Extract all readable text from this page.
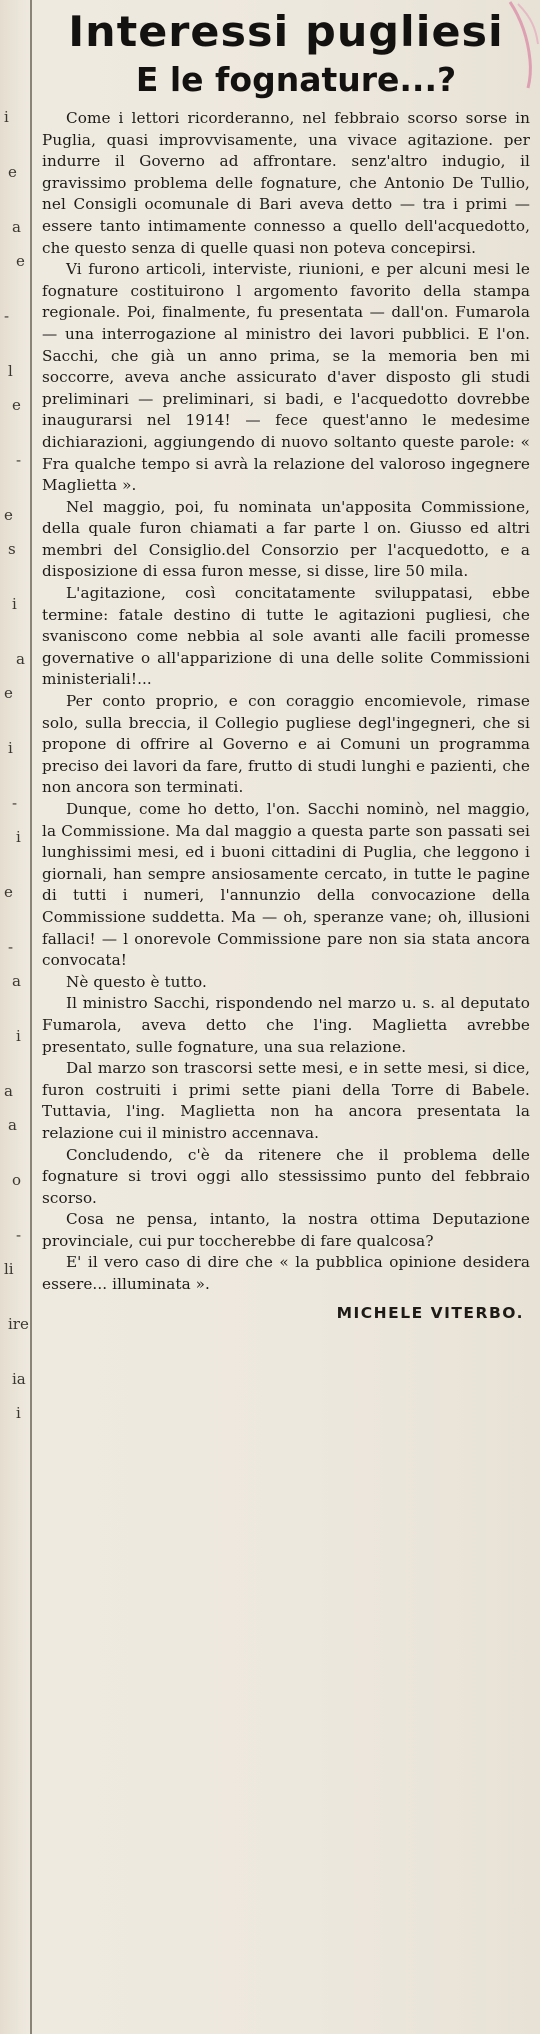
i
e
a
e
-
l
e
-
e
s
i
a
e
i
-
i
e
-
a
i
a
a
o
-
li
ire
ia
i
Interessi pugliesi
E le fognature...?

Come i lettori ricorderanno, nel febbraio scorso sorse in Puglia, quasi improvvisamente, una vivace agitazione. per indurre il Governo ad affrontare. senz'altro indugio, il gravissimo problema delle fognature, che Antonio De Tullio, nel Consigli ocomunale di Bari aveva detto — tra i primi — essere tanto intimamente connesso a quello dell'acquedotto, che questo senza di quelle quasi non poteva concepirsi.

Vi furono articoli, interviste, riunioni, e per alcuni mesi le fognature costituirono l argomento favorito della stampa regionale. Poi, finalmente, fu presentata — dall'on. Fumarola — una interrogazione al ministro dei lavori pubblici. E l'on. Sacchi, che già un anno prima, se la memoria ben mi soccorre, aveva anche assicurato d'aver disposto gli studi preliminari — preliminari, si badi, e l'acquedotto dovrebbe inaugurarsi nel 1914! — fece quest'anno le medesime dichiarazioni, aggiungendo di nuovo soltanto queste parole: « Fra qualche tempo si avrà la relazione del valoroso ingegnere Maglietta ».

Nel maggio, poi, fu nominata un'apposita Commissione, della quale furon chiamati a far parte l on. Giusso ed altri membri del Consiglio.del Consorzio per l'acquedotto, e a disposizione di essa furon messe, si disse, lire 50 mila.

L'agitazione, così concitatamente sviluppatasi, ebbe termine: fatale destino di tutte le agitazioni pugliesi, che svaniscono come nebbia al sole avanti alle facili promesse governative o all'apparizione di una delle solite Commissioni ministeriali!...

Per conto proprio, e con coraggio encomievole, rimase solo, sulla breccia, il Collegio pugliese degl'ingegneri, che si propone di offrire al Governo e ai Comuni un programma preciso dei lavori da fare, frutto di studi lunghi e pazienti, che non ancora son terminati.

Dunque, come ho detto, l'on. Sacchi nominò, nel maggio, la Commissione. Ma dal maggio a questa parte son passati sei lunghissimi mesi, ed i buoni cittadini di Puglia, che leggono i giornali, han sempre ansiosamente cercato, in tutte le pagine di tutti i numeri, l'annunzio della convocazione della Commissione suddetta. Ma — oh, speranze vane; oh, illusioni fallaci! — l onorevole Commissione pare non sia stata ancora convocata!

Nè questo è tutto.

Il ministro Sacchi, rispondendo nel marzo u. s. al deputato Fumarola, aveva detto che l'ing. Maglietta avrebbe presentato, sulle fognature, una sua relazione.

Dal marzo son trascorsi sette mesi, e in sette mesi, si dice, furon costruiti i primi sette piani della Torre di Babele. Tuttavia, l'ing. Maglietta non ha ancora presentata la relazione cui il ministro accennava.

Concludendo, c'è da ritenere che il problema delle fognature si trovi oggi allo stessissimo punto del febbraio scorso.

Cosa ne pensa, intanto, la nostra ottima Deputazione provinciale, cui pur toccherebbe di fare qualcosa?

E' il vero caso di dire che « la pubblica opinione desidera essere... illuminata ».

MICHELE VITERBO.
